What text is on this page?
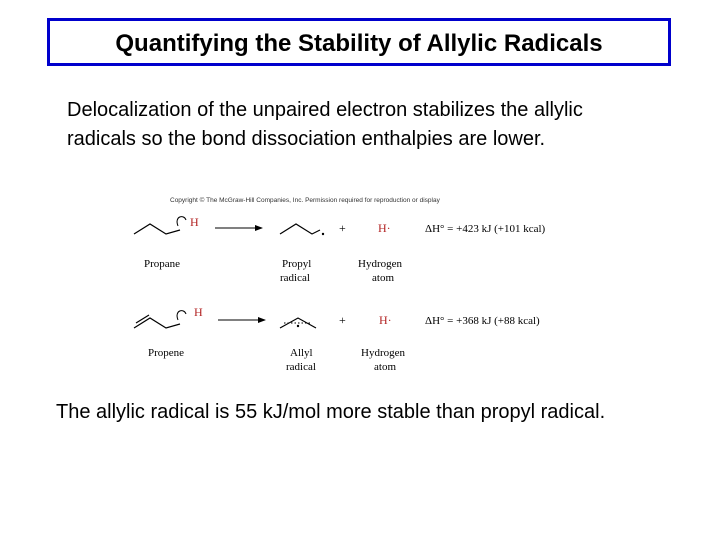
Quantifying the Stability of Allylic Radicals
Delocalization of the unpaired electron stabilizes the allylic radicals so the bond dissociation enthalpies are lower.
Copyright © The McGraw-Hill Companies, Inc. Permission required for reproduction or display
H	+	H·	ΔH° = +423 kJ (+101 kcal)
Propane	Propyl
radical
Hydrogen
atom
H
+	H·	ΔH° = +368 kJ (+88 kcal)
Propene	Allyl
radical
Hydrogen
atom
The allylic radical is 55 kJ/mol more stable than propyl radical.
